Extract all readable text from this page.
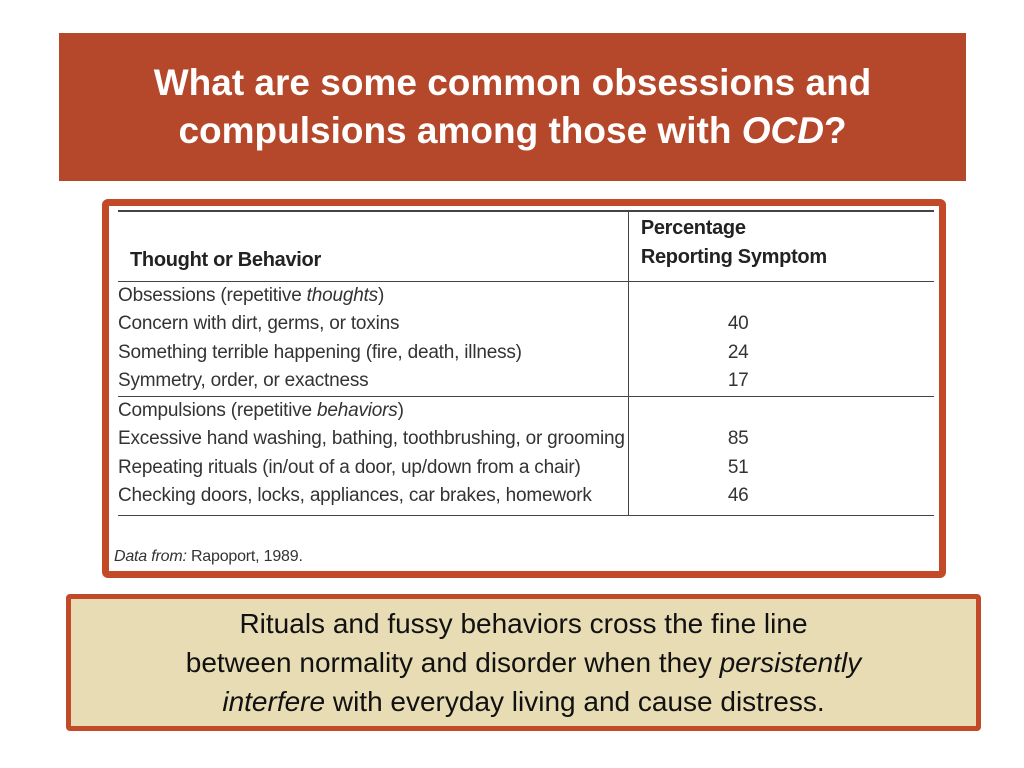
What are some common obsessions and compulsions among those with OCD?
Thought or Behavior	Percentage Reporting Symptom

Obsessions (repetitive thoughts)	
Concern with dirt, germs, or toxins	40
Something terrible happening (fire, death, illness)	24
Symmetry, order, or exactness	17
Compulsions (repetitive behaviors)	
Excessive hand washing, bathing, toothbrushing, or grooming	85
Repeating rituals (in/out of a door, up/down from a chair)	51
Checking doors, locks, appliances, car brakes, homework	46
Data from: Rapoport, 1989.

Rituals and fussy behaviors cross the fine line
between normality and disorder when they persistently
interfere with everyday living and cause distress.
